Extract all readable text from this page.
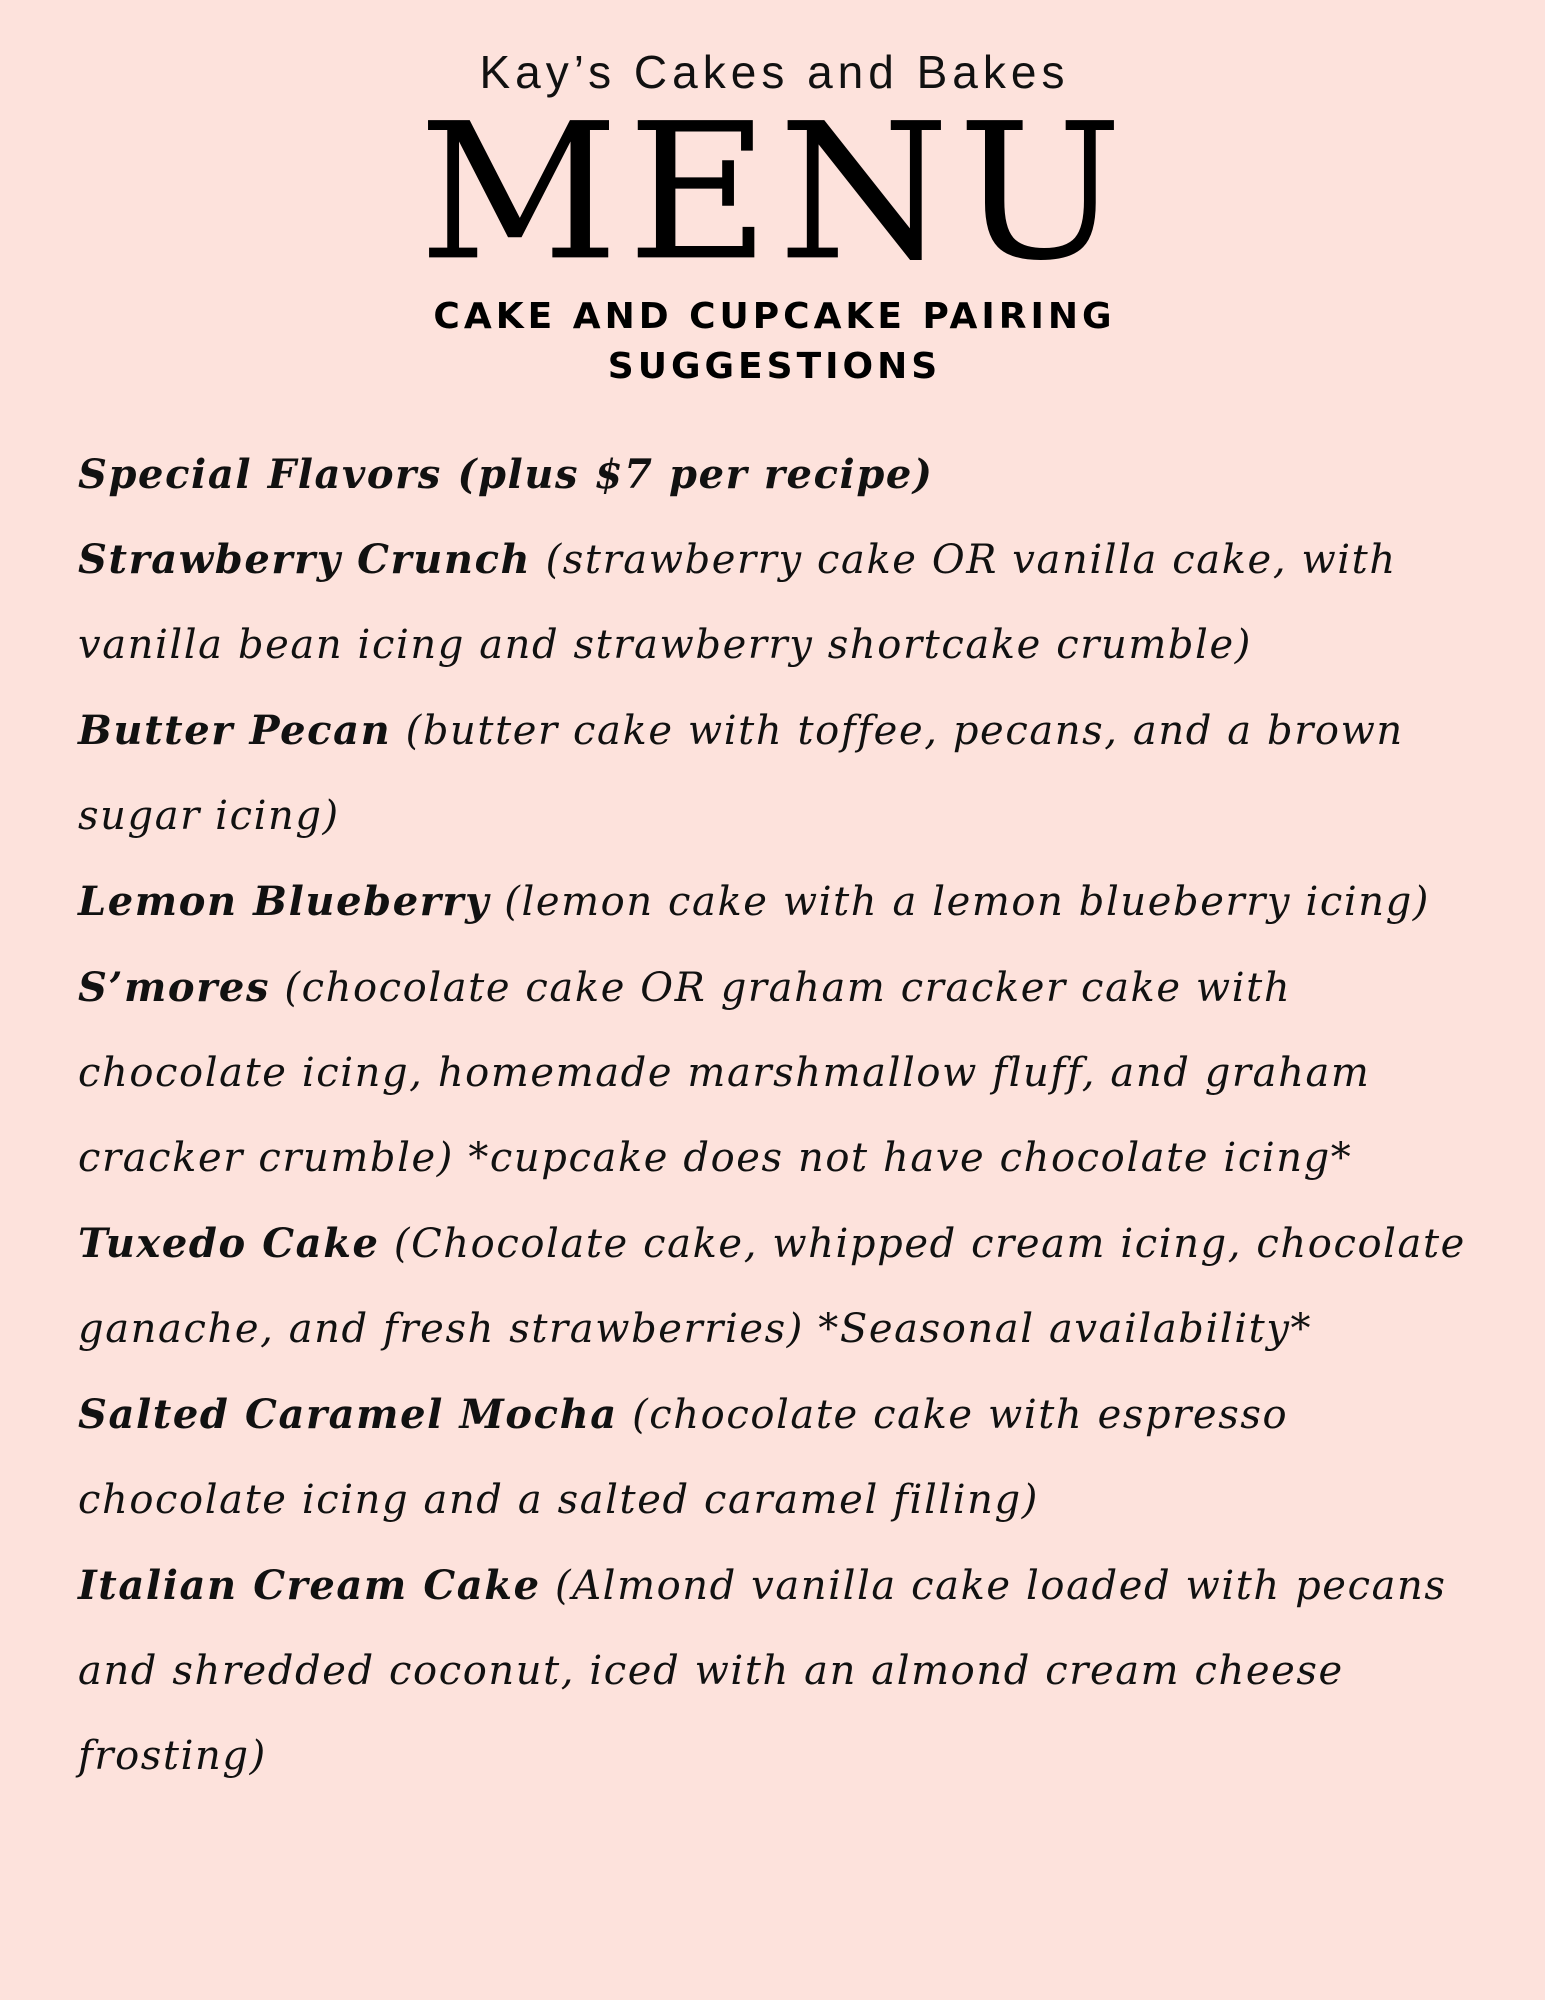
Kay’s Cakes and Bakes
MENU
CAKE AND CUPCAKE PAIRING
SUGGESTIONS

Special Flavors (plus $7 per recipe)

Strawberry Crunch (strawberry cake OR vanilla cake, with vanilla bean icing and strawberry shortcake crumble)

Butter Pecan (butter cake with toffee, pecans, and a brown sugar icing)

Lemon Blueberry (lemon cake with a lemon blueberry icing)

S’mores (chocolate cake OR graham cracker cake with chocolate icing, homemade marshmallow fluff, and graham cracker crumble) *cupcake does not have chocolate icing*

Tuxedo Cake (Chocolate cake, whipped cream icing, chocolate ganache, and fresh strawberries) *Seasonal availability*

Salted Caramel Mocha (chocolate cake with espresso chocolate icing and a salted caramel filling)

Italian Cream Cake (Almond vanilla cake loaded with pecans and shredded coconut, iced with an almond cream cheese frosting)
